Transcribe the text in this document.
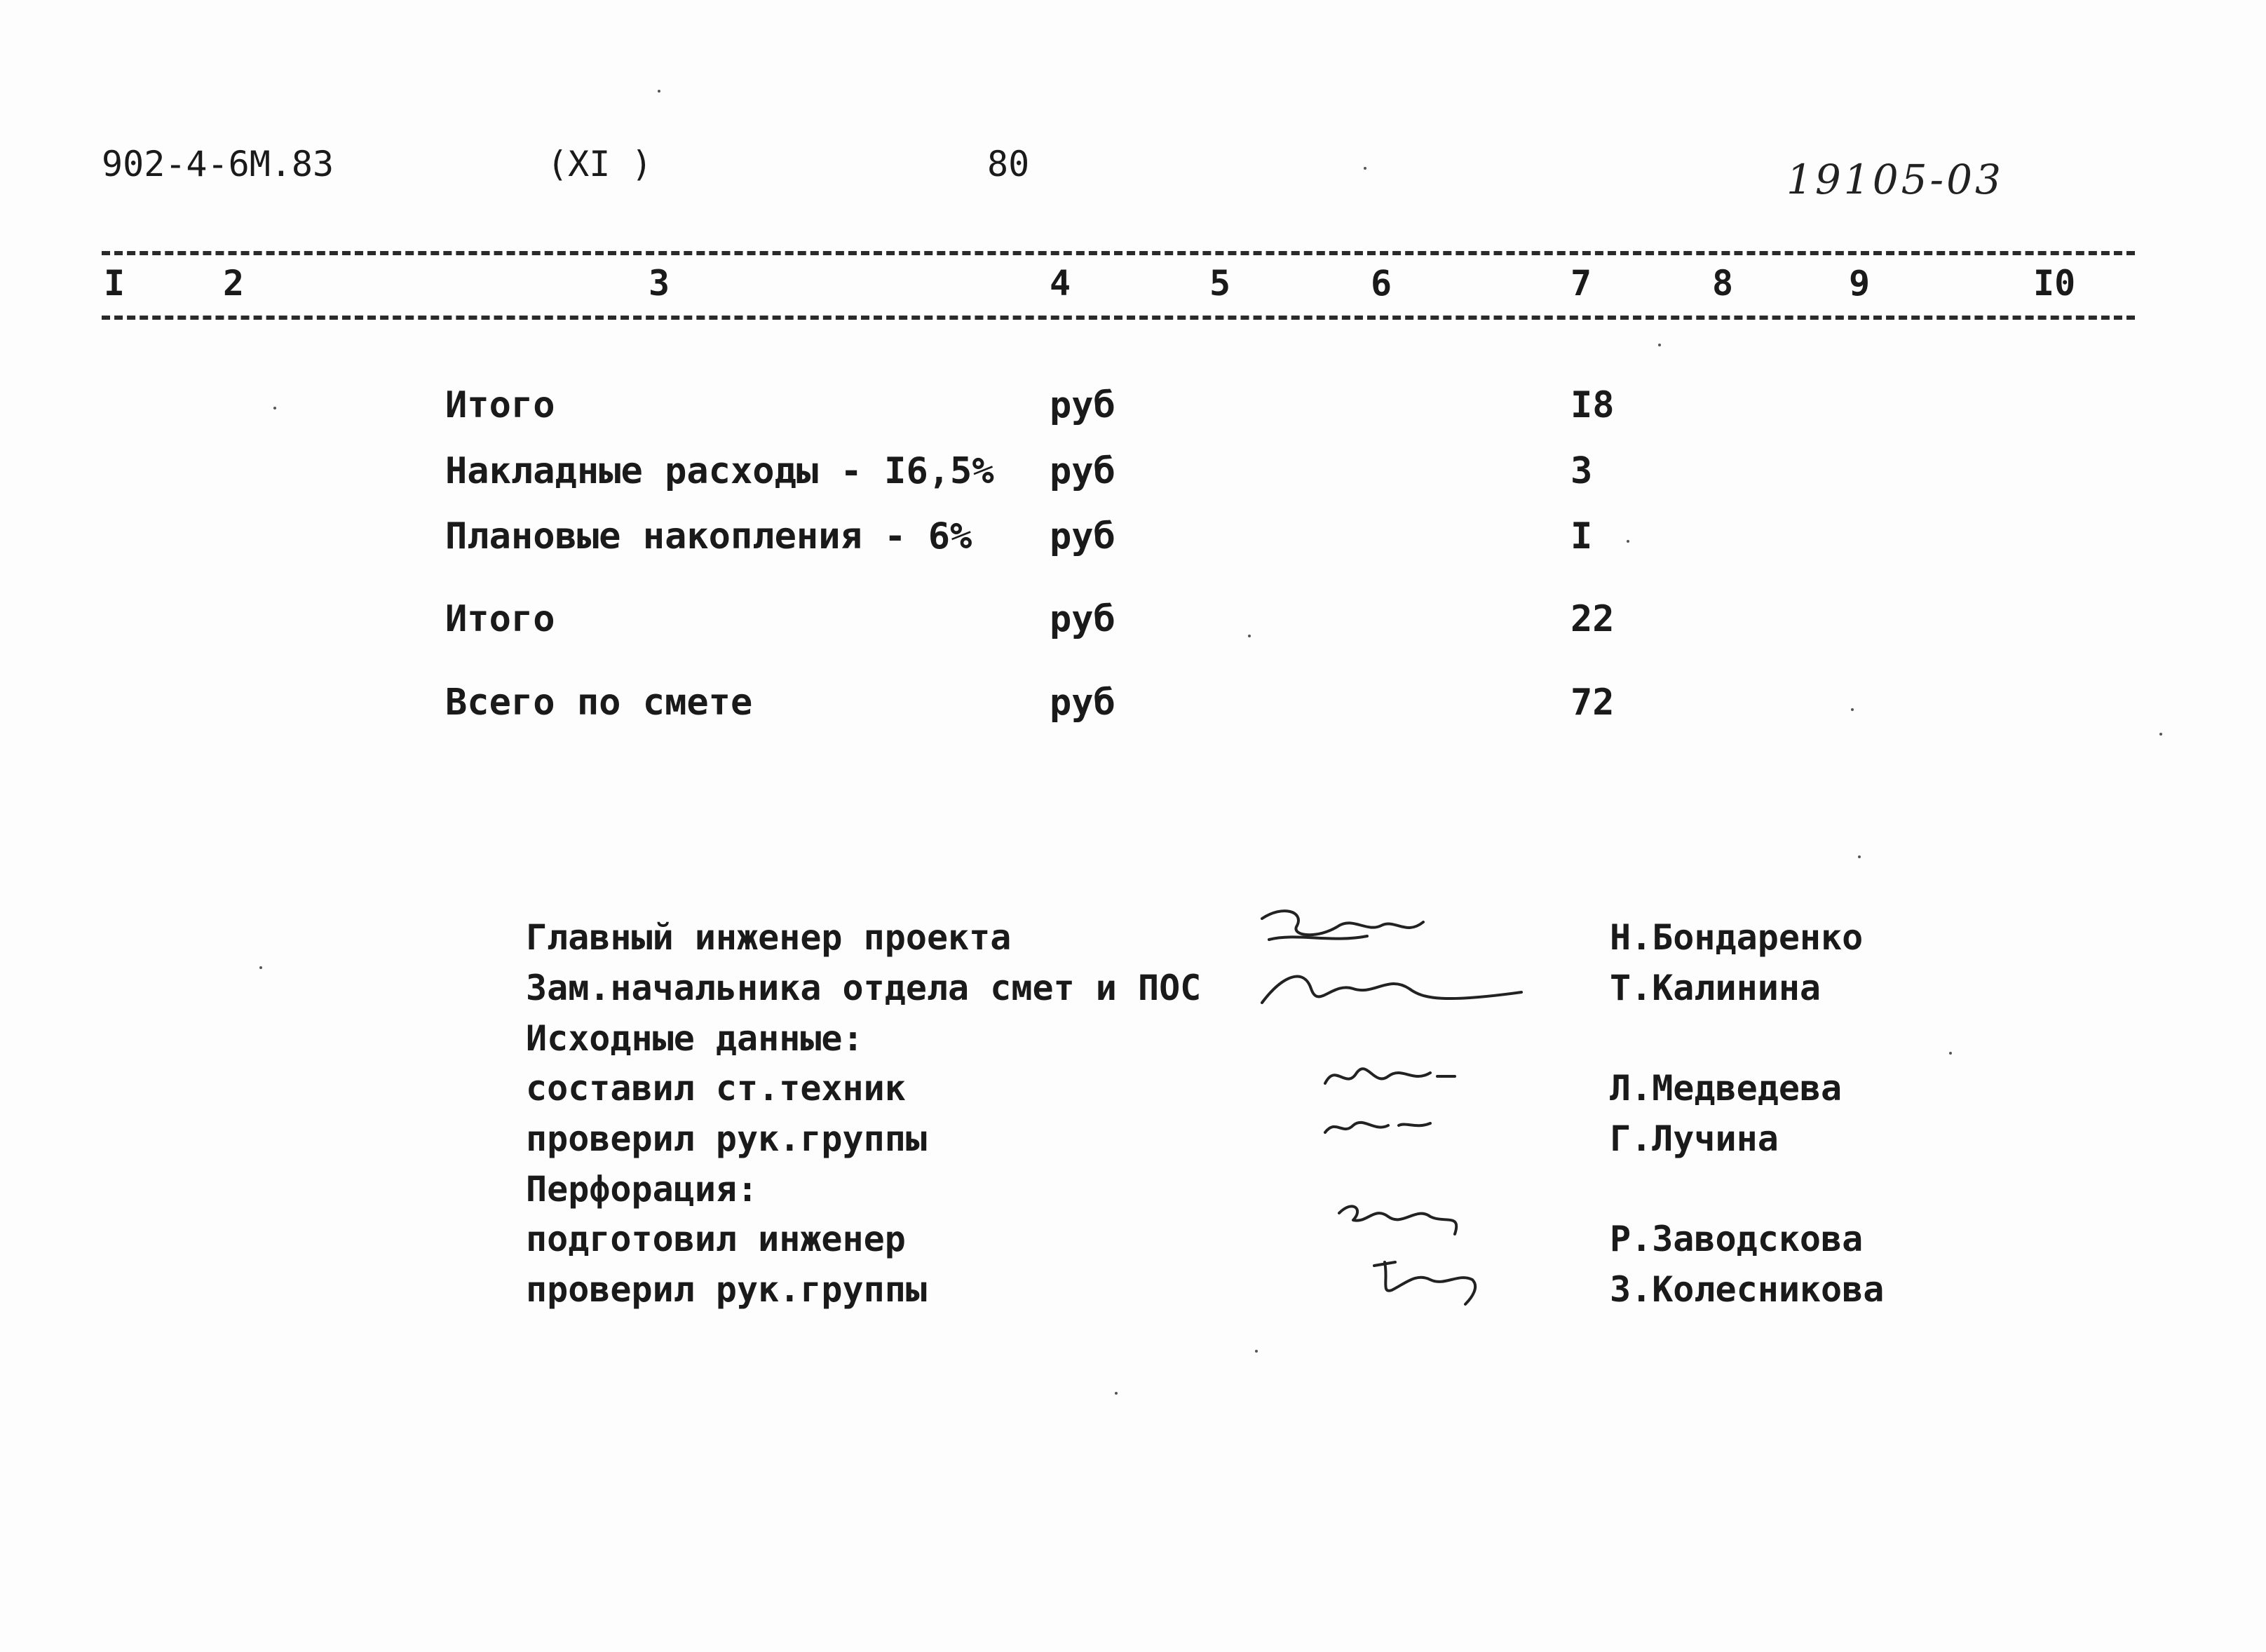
902-4-6М.83	(XI )	80	19105-03
I	2	3	4	5	6	7	8	9	I0
Итого	руб	I8
Накладные расходы - I6,5% руб	3
Плановые накопления - 6% руб	I
Итого	руб	22
Всего по смете	руб	72
Главный инженер проекта	Н.Бондаренко
Зам.начальника отдела смет и ПОС	Т.Калинина
Исходные данные:
составил ст.техник	Л.Медведева
проверил рук.группы	Г.Лучина
Перфорация:
подготовил инженер	Р.Заводскова
проверил рук.группы	З.Колесникова
